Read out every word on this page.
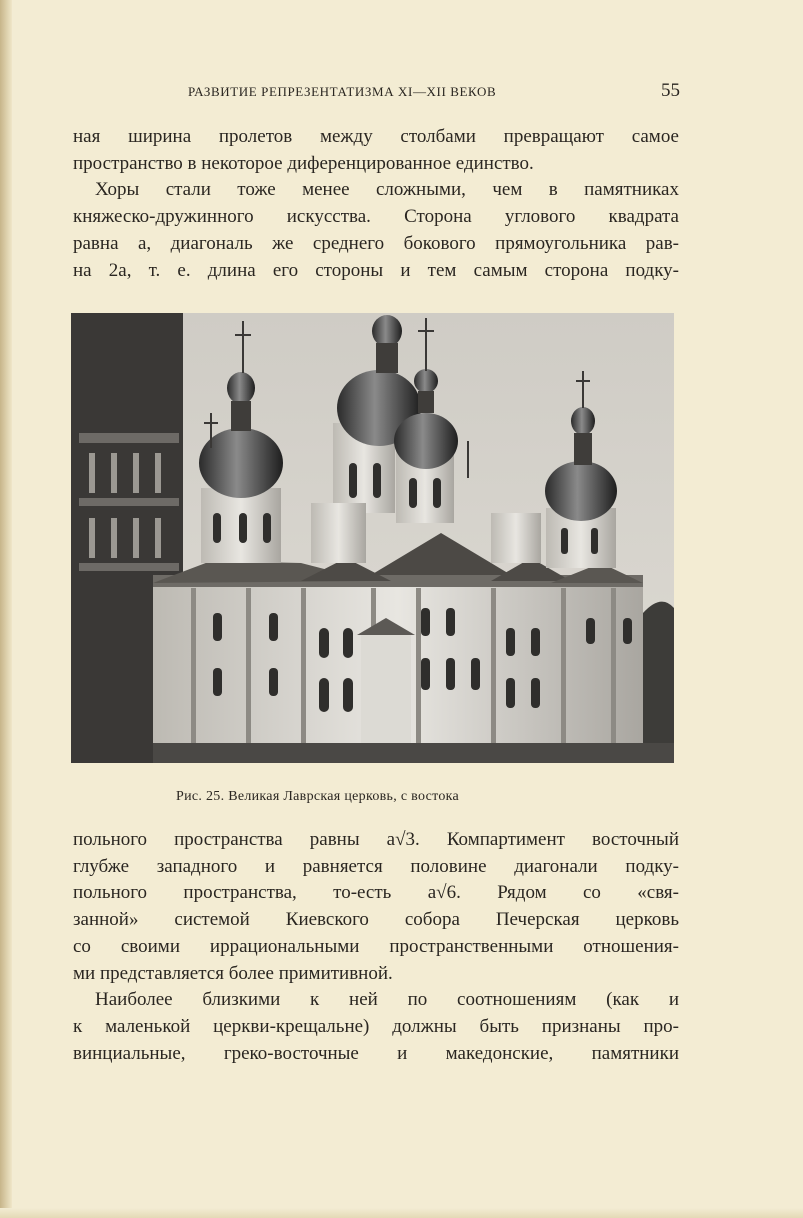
РАЗВИТИЕ РЕПРЕЗЕНТАТИЗМА XI—XII ВЕКОВ	55

ная ширина пролетов между столбами превращают самое

пространство в некоторое диференцированное единство.

Хоры стали тоже менее сложными, чем в памятниках

княжеско-дружинного искусства. Сторона углового квадрата

равна a, диагональ же среднего бокового прямоугольника рав-

на 2a, т. е. длина его стороны и тем самым сторона подку-

Рис. 25. Великая Лаврская церковь, с востока

польного пространства равны a√3. Компартимент восточный

глубже западного и равняется половине диагонали подку-

польного пространства, то-есть a√6. Рядом со «свя-

занной» системой Киевского собора Печерская церковь

со своими иррациональными пространственными отношения-

ми представляется более примитивной.

Наиболее близкими к ней по соотношениям (как и

к маленькой церкви-крещальне) должны быть признаны про-

винциальные, греко-восточные и македонские, памятники
